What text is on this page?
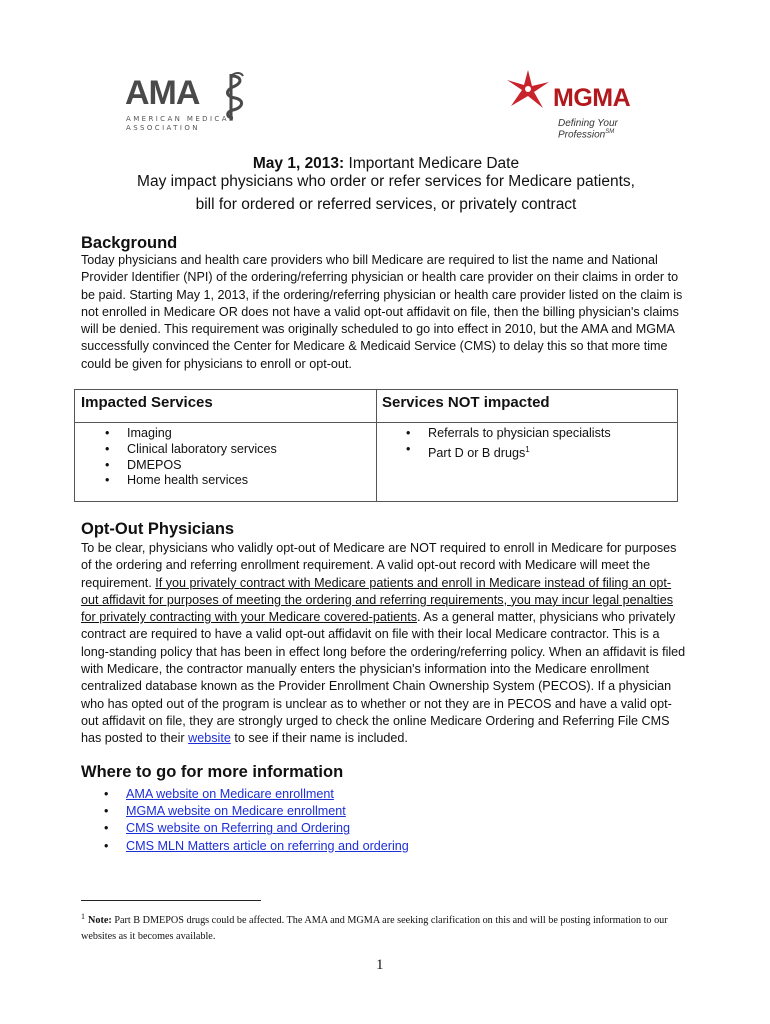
AMA
AMERICAN MEDICAL
ASSOCIATION
MGMA
Defining Your Profession℠
May 1, 2013: Important Medicare Date
May impact physicians who order or refer services for Medicare patients,
bill for ordered or referred services, or privately contract
Background
Today physicians and health care providers who bill Medicare are required to list the name and National
Provider Identifier (NPI) of the ordering/referring physician or health care provider on their claims in order to
be paid. Starting May 1, 2013, if the ordering/referring physician or health care provider listed on the claim is
not enrolled in Medicare OR does not have a valid opt-out affidavit on file, then the billing physician's claims
will be denied. This requirement was originally scheduled to go into effect in 2010, but the AMA and MGMA
successfully convinced the Center for Medicare & Medicaid Service (CMS) to delay this so that more time
could be given for physicians to enroll or opt-out.
Impacted Services	Services NOT impacted
• Imaging
• Clinical laboratory services
• DMEPOS
• Home health services
• Referrals to physician specialists
• Part D or B drugs$^1$
Opt-Out Physicians
To be clear, physicians who validly opt-out of Medicare are NOT required to enroll in Medicare for purposes
of the ordering and referring enrollment requirement. A valid opt-out record with Medicare will meet the
requirement. If you privately contract with Medicare patients and enroll in Medicare instead of filing an opt-
out affidavit for purposes of meeting the ordering and referring requirements, you may incur legal penalties
for privately contracting with your Medicare covered-patients. As a general matter, physicians who privately
contract are required to have a valid opt-out affidavit on file with their local Medicare contractor. This is a
long-standing policy that has been in effect long before the ordering/referring policy. When an affidavit is filed
with Medicare, the contractor manually enters the physician's information into the Medicare enrollment
centralized database known as the Provider Enrollment Chain Ownership System (PECOS). If a physician
who has opted out of the program is unclear as to whether or not they are in PECOS and have a valid opt-
out affidavit on file, they are strongly urged to check the online Medicare Ordering and Referring File CMS
has posted to their website to see if their name is included.
Where to go for more information
• AMA website on Medicare enrollment
• MGMA website on Medicare enrollment
• CMS website on Referring and Ordering
• CMS MLN Matters article on referring and ordering
$^1$ Note: Part B DMEPOS drugs could be affected. The AMA and MGMA are seeking clarification on this and will be posting information to our
websites as it becomes available.
1
